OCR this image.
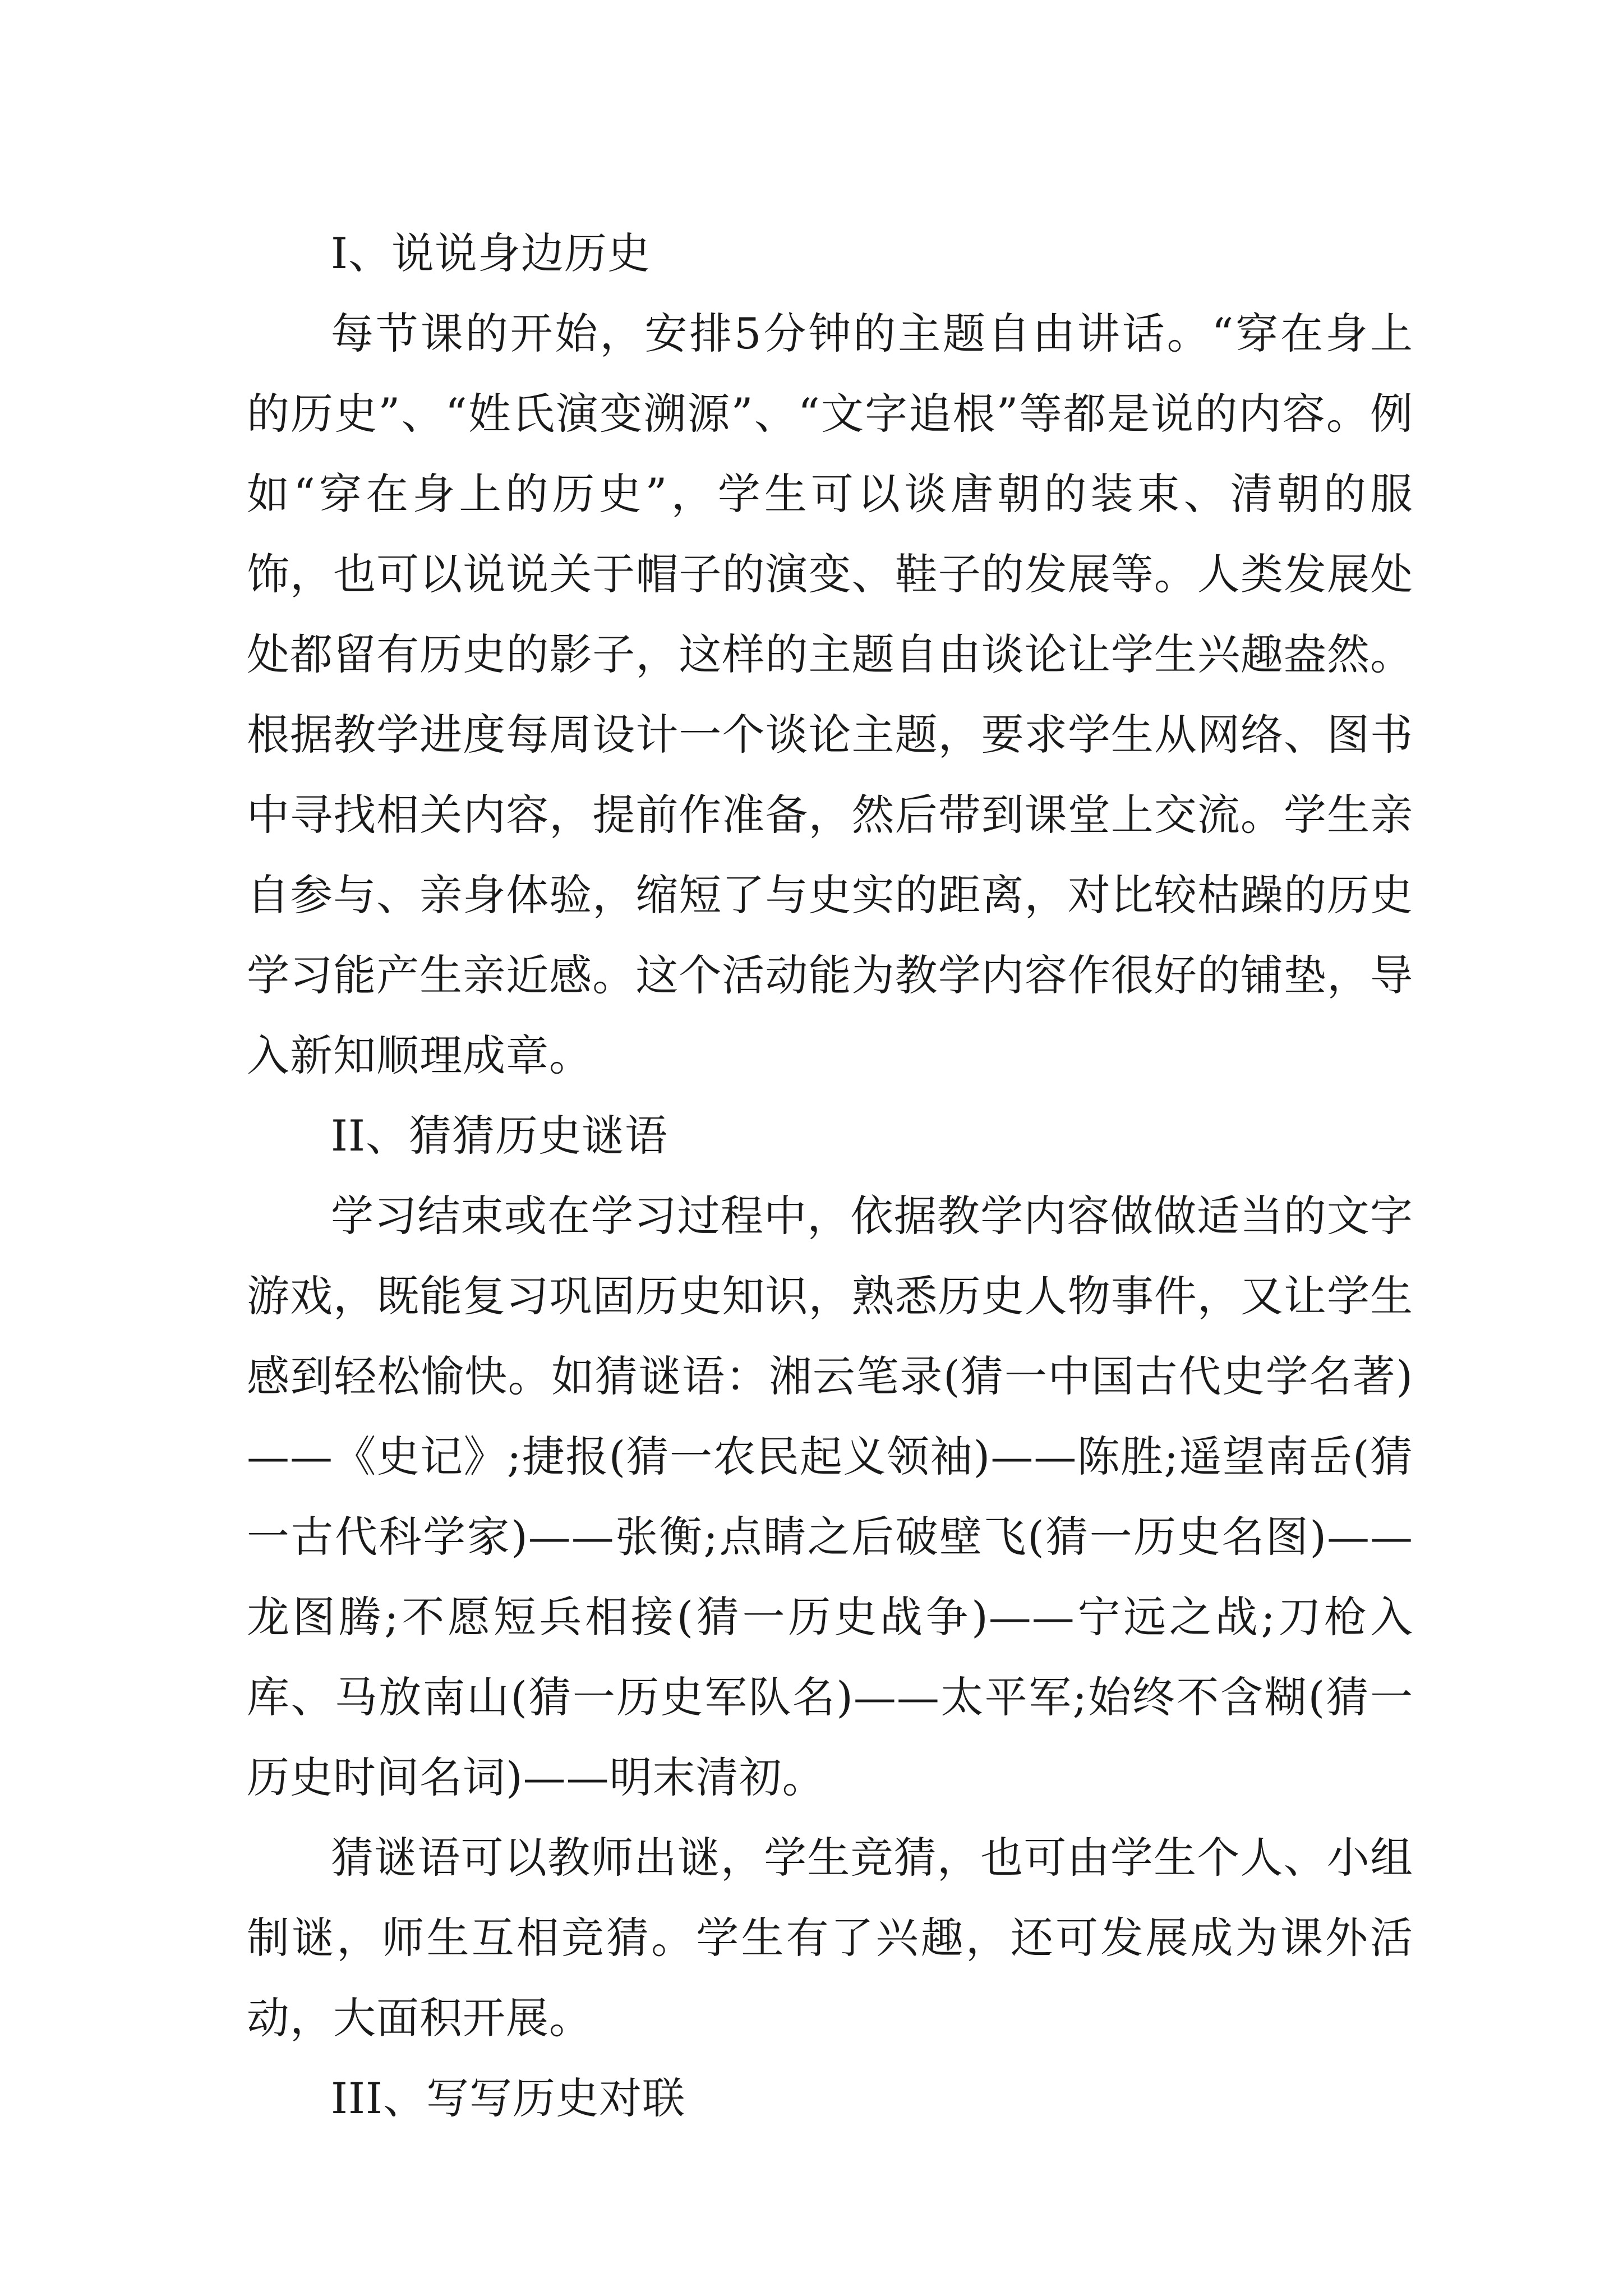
I、说说身边历史

每节课的开始，安排5分钟的主题自由讲话。“穿在身上的历史”、“姓氏演变溯源”、“文字追根”等都是说的内容。例如“穿在身上的历史”，学生可以谈唐朝的装束、清朝的服饰，也可以说说关于帽子的演变、鞋子的发展等。人类发展处处都留有历史的影子，这样的主题自由谈论让学生兴趣盎然。根据教学进度每周设计一个谈论主题，要求学生从网络、图书中寻找相关内容，提前作准备，然后带到课堂上交流。学生亲自参与、亲身体验，缩短了与史实的距离，对比较枯躁的历史学习能产生亲近感。这个活动能为教学内容作很好的铺垫，导入新知顺理成章。

II、猜猜历史谜语

学习结束或在学习过程中，依据教学内容做做适当的文字游戏，既能复习巩固历史知识，熟悉历史人物事件，又让学生感到轻松愉快。如猜谜语：湘云笔录(猜一中国古代史学名著)——《史记》;捷报(猜一农民起义领袖)——陈胜;遥望南岳(猜一古代科学家)——张衡;点睛之后破壁飞(猜一历史名图)——龙图腾;不愿短兵相接(猜一历史战争)——宁远之战;刀枪入库、马放南山(猜一历史军队名)——太平军;始终不含糊(猜一历史时间名词)——明末清初。

猜谜语可以教师出谜，学生竞猜，也可由学生个人、小组制谜，师生互相竞猜。学生有了兴趣，还可发展成为课外活动，大面积开展。

III、写写历史对联
